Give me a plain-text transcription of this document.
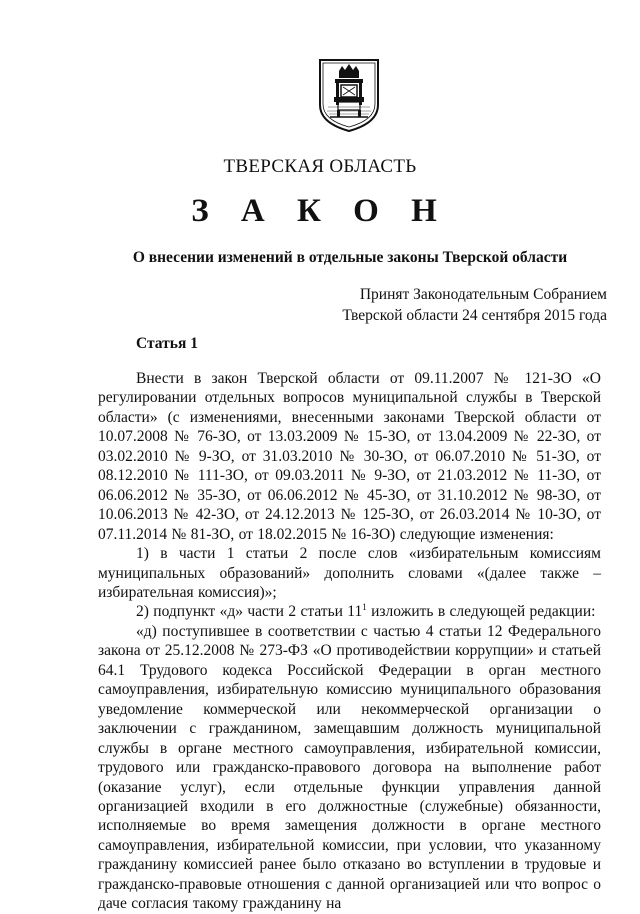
ТВЕРСКАЯ ОБЛАСТЬ
З А К О Н
О внесении изменений в отдельные законы Тверской области
Принят Законодательным Собранием
Тверской области 24 сентября 2015 года
Статья 1

Внести в закон Тверской области от 09.11.2007 № 121-ЗО «О регулировании отдельных вопросов муниципальной службы в Тверской области» (с изменениями, внесенными законами Тверской области от 10.07.2008 № 76-ЗО, от 13.03.2009 № 15-ЗО, от 13.04.2009 № 22-ЗО, от 03.02.2010 № 9-ЗО, от 31.03.2010 № 30-ЗО, от 06.07.2010 № 51-ЗО, от 08.12.2010 № 111-ЗО, от 09.03.2011 № 9-ЗО, от 21.03.2012 № 11-ЗО, от 06.06.2012 № 35-ЗО, от 06.06.2012 № 45-ЗО, от 31.10.2012 № 98-ЗО, от 10.06.2013 № 42-ЗО, от 24.12.2013 № 125-ЗО, от 26.03.2014 № 10-ЗО, от 07.11.2014 № 81-ЗО, от 18.02.2015 № 16-ЗО) следующие изменения:

1) в части 1 статьи 2 после слов «избирательным комиссиям муниципальных образований» дополнить словами «(далее также – избирательная комиссия)»;

2) подпункт «д» части 2 статьи $11^1$ изложить в следующей редакции:

«д) поступившее в соответствии с частью 4 статьи 12 Федерального закона от 25.12.2008 № 273-ФЗ «О противодействии коррупции» и статьей 64.1 Трудового кодекса Российской Федерации в орган местного самоуправления, избирательную комиссию муниципального образования уведомление коммерческой или некоммерческой организации о заключении с гражданином, замещавшим должность муниципальной службы в органе местного самоуправления, избирательной комиссии, трудового или гражданско-правового договора на выполнение работ (оказание услуг), если отдельные функции управления данной организацией входили в его должностные (служебные) обязанности, исполняемые во время замещения должности в органе местного самоуправления, избирательной комиссии, при условии, что указанному гражданину комиссией ранее было отказано во вступлении в трудовые и гражданско-правовые отношения с данной организацией или что вопрос о даче согласия такому гражданину на
